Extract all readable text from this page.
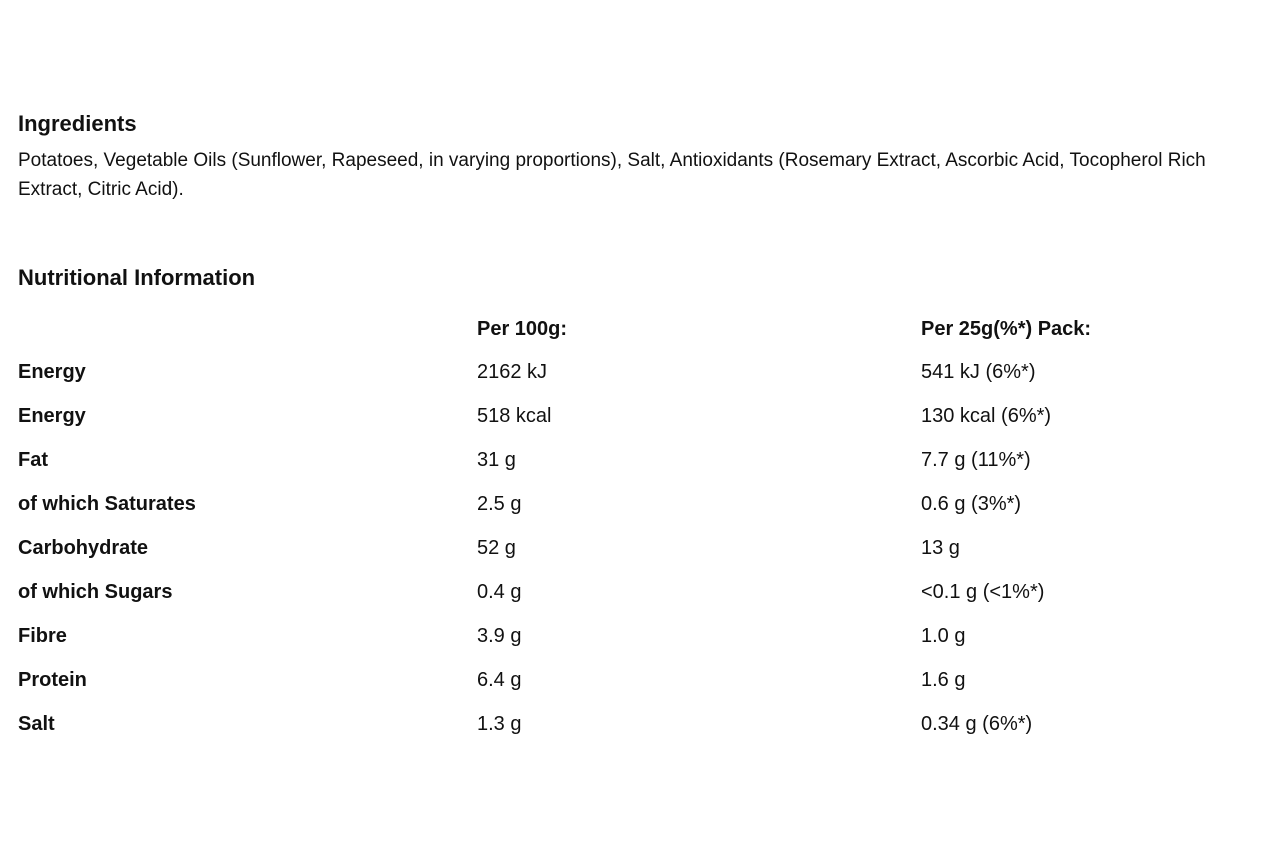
Ingredients

Potatoes, Vegetable Oils (Sunflower, Rapeseed, in varying proportions), Salt, Antioxidants (Rosemary Extract, Ascorbic Acid, Tocopherol Rich Extract, Citric Acid).

Nutritional Information
	Per 100g:	Per 25g(%*) Pack:
Energy	2162 kJ	541 kJ (6%*)
Energy	518 kcal	130 kcal (6%*)
Fat	31 g	7.7 g (11%*)
of which Saturates	2.5 g	0.6 g (3%*)
Carbohydrate	52 g	13 g
of which Sugars	0.4 g	<0.1 g (<1%*)
Fibre	3.9 g	1.0 g
Protein	6.4 g	1.6 g
Salt	1.3 g	0.34 g (6%*)
